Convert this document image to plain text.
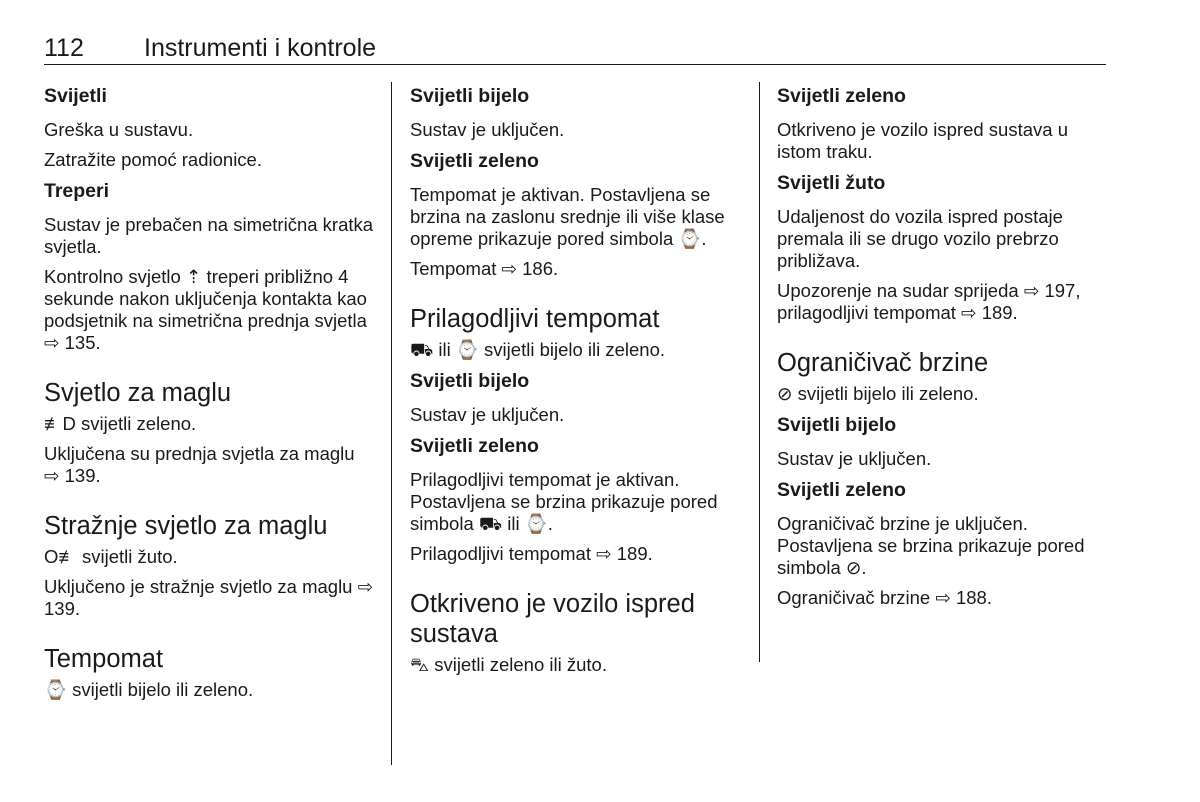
112 Instrumenti i kontrole
Svijetli
Greška u sustavu.
Zatražite pomoć radionice.
Treperi
Sustav je prebačen na simetrična kratka svjetla.
Kontrolno svjetlo ⇡ treperi približno 4 sekunde nakon uključenja kontakta kao podsjetnik na simetrična prednja svjetla ⇨ 135.
Svjetlo za maglu
≢D svijetli zeleno.
Uključena su prednja svjetla za maglu ⇨ 139.
Stražnje svjetlo za maglu
O≢ svijetli žuto.
Uključeno je stražnje svjetlo za maglu ⇨ 139.
Tempomat
⌚ svijetli bijelo ili zeleno.
Svijetli bijelo
Sustav je uključen.
Svijetli zeleno
Tempomat je aktivan. Postavljena se brzina na zaslonu srednje ili više klase opreme prikazuje pored simbola ⌚.
Tempomat ⇨ 186.
Prilagodljivi tempomat
⛟ ili ⌚ svijetli bijelo ili zeleno.
Svijetli bijelo
Sustav je uključen.
Svijetli zeleno
Prilagodljivi tempomat je aktivan. Postavljena se brzina prikazuje pored simbola ⛟ ili ⌚.
Prilagodljivi tempomat ⇨ 189.
Otkriveno je vozilo ispred sustava
⛍ svijetli zeleno ili žuto.
Svijetli zeleno
Otkriveno je vozilo ispred sustava u istom traku.
Svijetli žuto
Udaljenost do vozila ispred postaje premala ili se drugo vozilo prebrzo približava.
Upozorenje na sudar sprijeda ⇨ 197, prilagodljivi tempomat ⇨ 189.
Ograničivač brzine
⊘ svijetli bijelo ili zeleno.
Svijetli bijelo
Sustav je uključen.
Svijetli zeleno
Ograničivač brzine je uključen. Postavljena se brzina prikazuje pored simbola ⊘.
Ograničivač brzine ⇨ 188.
